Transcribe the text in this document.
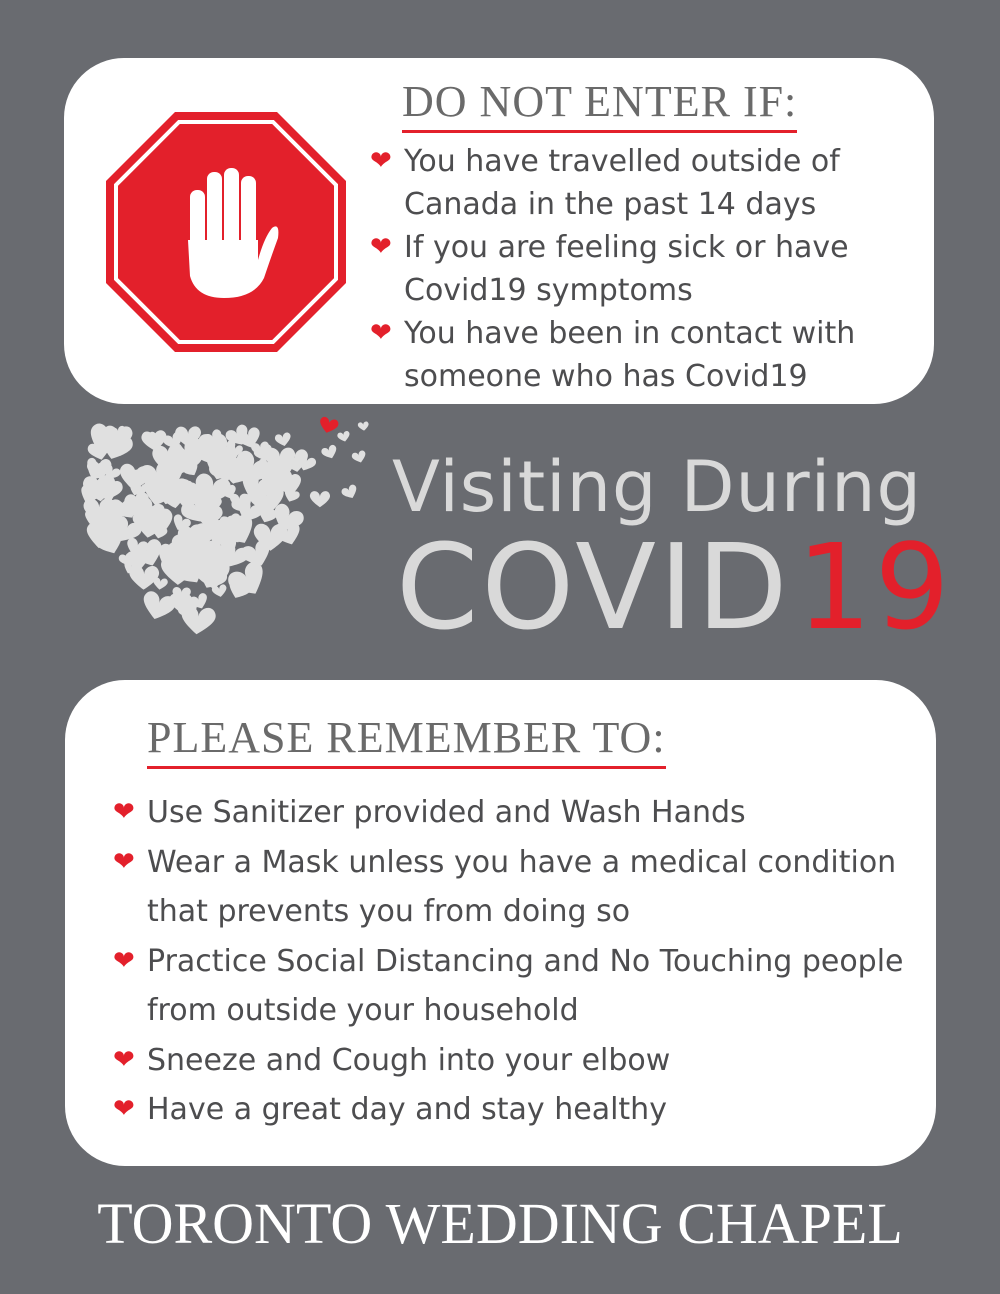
DO NOT ENTER IF:
❤ You have travelled outside of Canada in the past 14 days
❤ If you are feeling sick or have Covid19 symptoms
❤ You have been in contact with someone who has Covid19
Visiting During
COVID19
PLEASE REMEMBER TO:
❤ Use Sanitizer provided and Wash Hands
❤ Wear a Mask unless you have a medical condition that prevents you from doing so
❤ Practice Social Distancing and No Touching people from outside your household
❤ Sneeze and Cough into your elbow
❤ Have a great day and stay healthy
TORONTO WEDDING CHAPEL
